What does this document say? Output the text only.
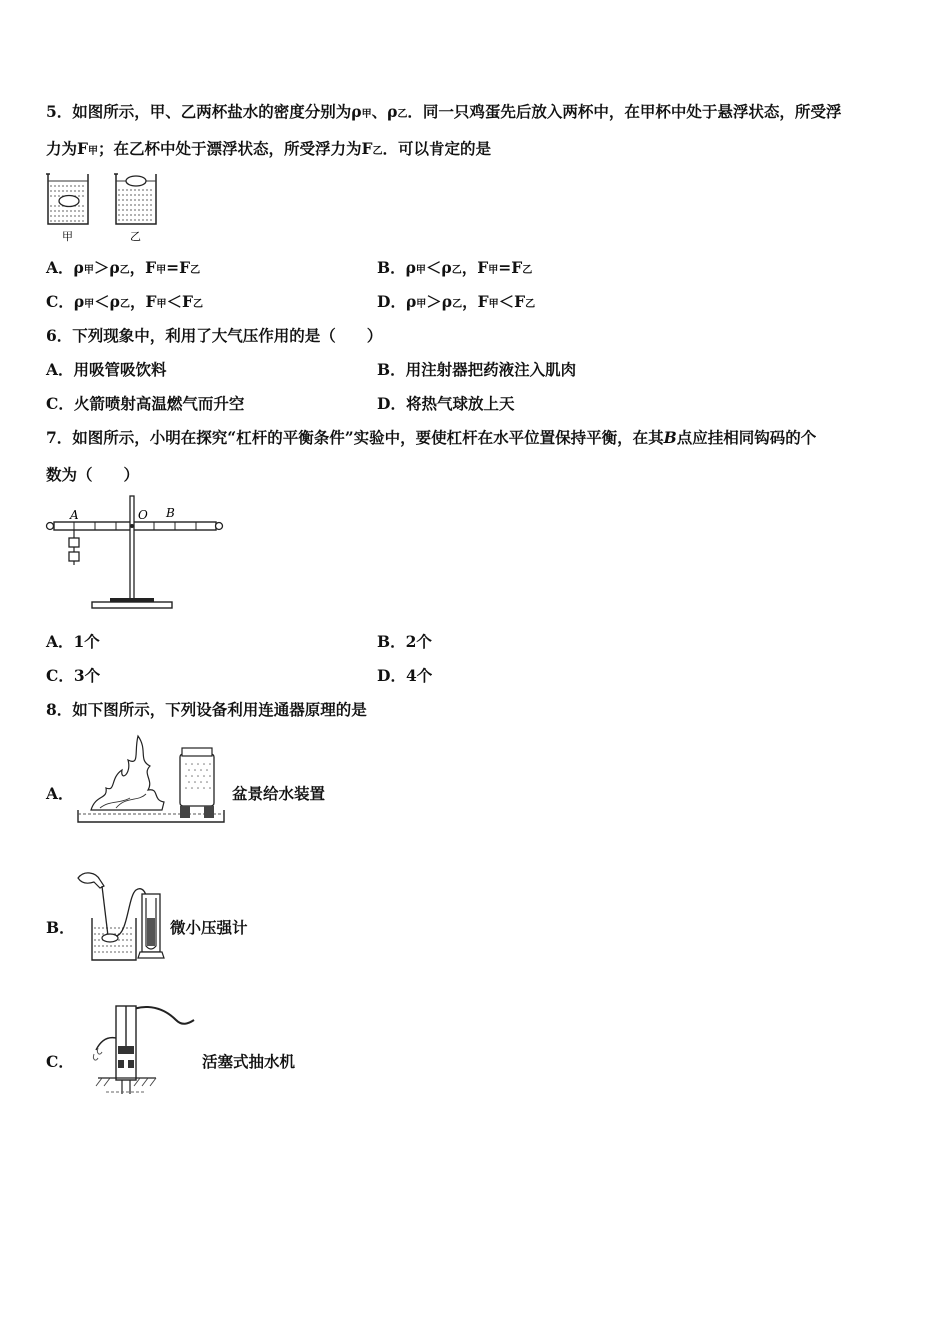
5．如图所示，甲、乙两杯盐水的密度分别为ρ甲、ρ乙．同一只鸡蛋先后放入两杯中，在甲杯中处于悬浮状态，所受浮
力为F甲；在乙杯中处于漂浮状态，所受浮力为F乙．可以肯定的是
甲	乙
A．ρ甲＞ρ乙，F甲=F乙	B．ρ甲＜ρ乙，F甲=F乙
C．ρ甲＜ρ乙，F甲＜F乙	D．ρ甲＞ρ乙，F甲＜F乙
6．下列现象中，利用了大气压作用的是（　　）
A．用吸管吸饮料	B．用注射器把药液注入肌肉
C．火箭喷射高温燃气而升空	D．将热气球放上天
7．如图所示，小明在探究“杠杆的平衡条件”实验中，要使杠杆在水平位置保持平衡，在其B点应挂相同钩码的个
数为（　　）
A	O B
A．1个	B．2个
C．3个	D．4个
8．如下图所示，下列设备利用连通器原理的是
A．	盆景给水装置
B．	微小压强计
C．	活塞式抽水机
